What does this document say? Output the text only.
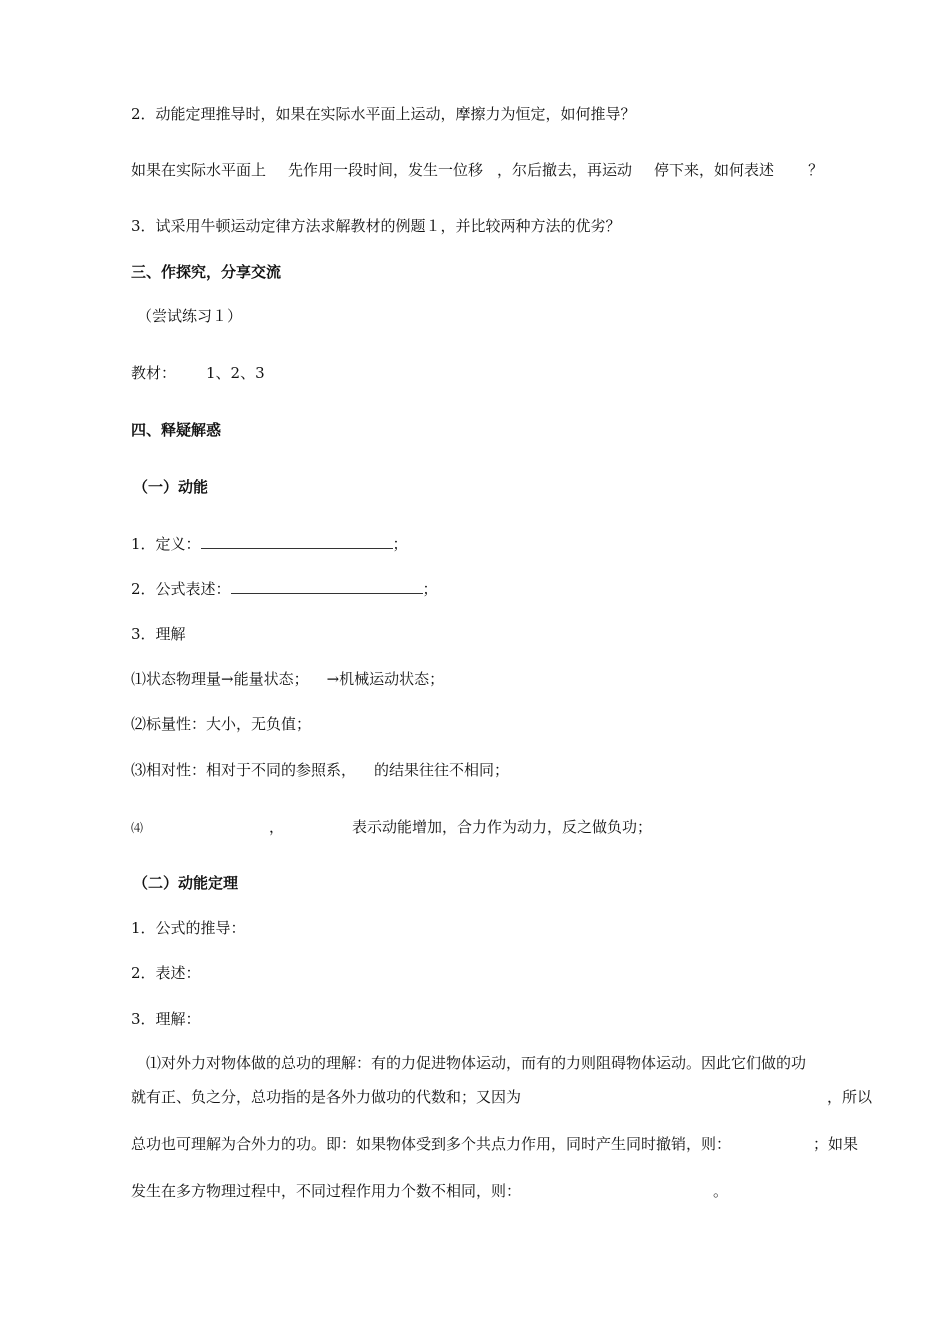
2．动能定理推导时，如果在实际水平面上运动，摩擦力为恒定，如何推导？
如果在实际水平面上 先作用一段时间，发生一位移 ，尔后撤去，再运动 停下来，如何表述 ？
3．试采用牛顿运动定律方法求解教材的例题１，并比较两种方法的优劣？
三、作探究，分享交流
（尝试练习１）
教材： 1、2、3
四、释疑解惑
（一）动能
1．定义：	；
2．公式表述：	；
3．理解
⑴状态物理量→能量状态； →机械运动状态；
⑵标量性：大小，无负值；
⑶相对性：相对于不同的参照系， 的结果往往不相同；
⑷	，	表示动能增加，合力作为动力，反之做负功；
（二）动能定理
1．公式的推导：
2．表述：
3．理解：
⑴对外力对物体做的总功的理解：有的力促进物体运动，而有的力则阻碍物体运动。因此它们做的功
就有正、负之分，总功指的是各外力做功的代数和；又因为	，所以
总功也可理解为合外力的功。即：如果物体受到多个共点力作用，同时产生同时撤销，则：	；如果
发生在多方物理过程中，不同过程作用力个数不相同，则：	。
